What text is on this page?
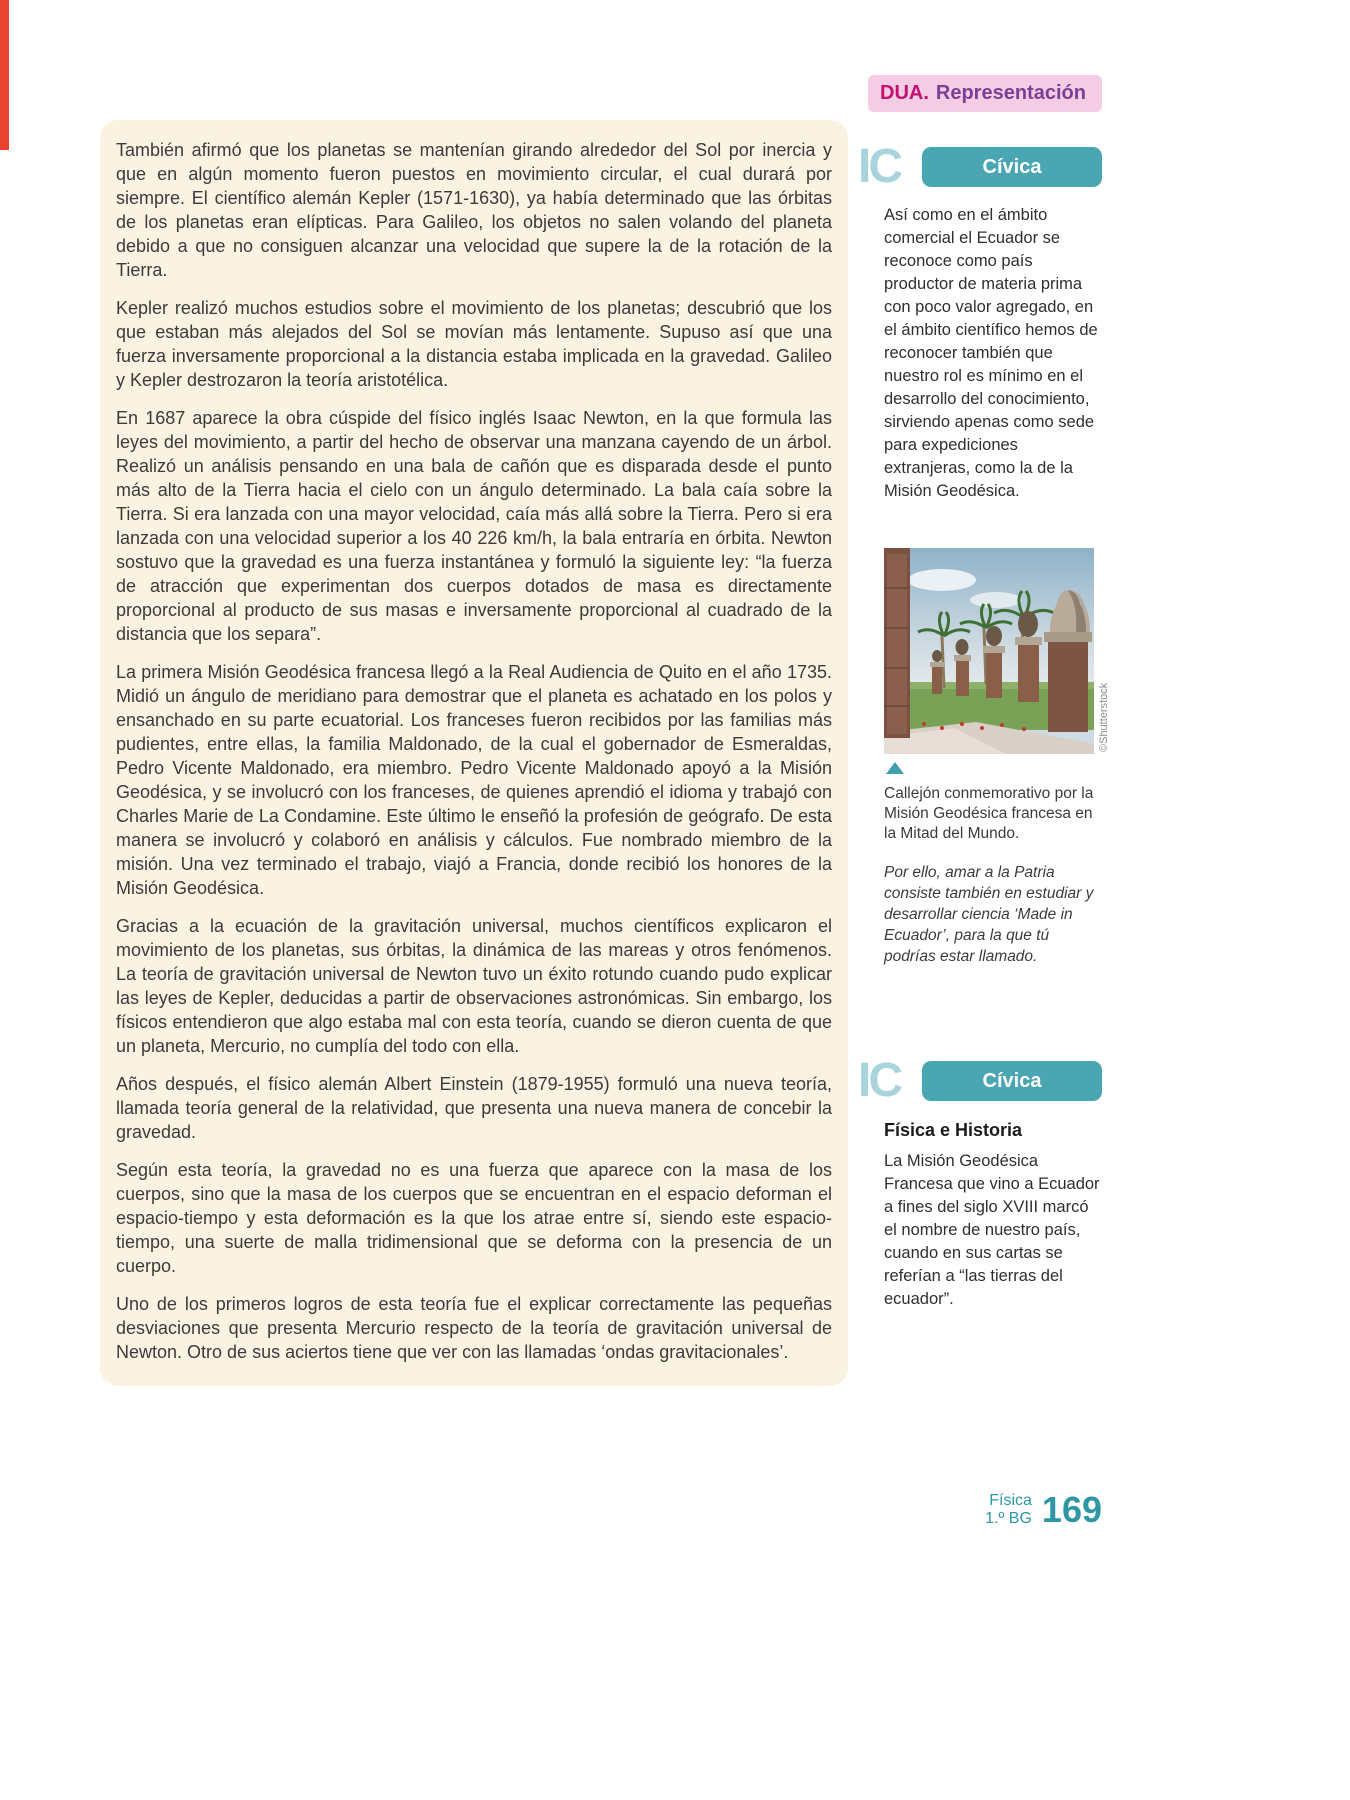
DUA. Representación

También afirmó que los planetas se mantenían girando alrededor del Sol por inercia y que en algún momento fueron puestos en movimiento circular, el cual durará por siempre. El científico alemán Kepler (1571-1630), ya había determinado que las órbitas de los planetas eran elípticas. Para Galileo, los objetos no salen volando del planeta debido a que no consiguen alcanzar una velocidad que supere la de la rotación de la Tierra.

Kepler realizó muchos estudios sobre el movimiento de los planetas; descubrió que los que estaban más alejados del Sol se movían más lentamente. Supuso así que una fuerza inversamente proporcional a la distancia estaba implicada en la gravedad. Galileo y Kepler destrozaron la teoría aristotélica.

En 1687 aparece la obra cúspide del físico inglés Isaac Newton, en la que formula las leyes del movimiento, a partir del hecho de observar una manzana cayendo de un árbol. Realizó un análisis pensando en una bala de cañón que es disparada desde el punto más alto de la Tierra hacia el cielo con un ángulo determinado. La bala caía sobre la Tierra. Si era lanzada con una mayor velocidad, caía más allá sobre la Tierra. Pero si era lanzada con una velocidad superior a los 40 226 km/h, la bala entraría en órbita. Newton sostuvo que la gravedad es una fuerza instantánea y formuló la siguiente ley: “la fuerza de atracción que experimentan dos cuerpos dotados de masa es directamente proporcional al producto de sus masas e inversamente proporcional al cuadrado de la distancia que los separa”.

La primera Misión Geodésica francesa llegó a la Real Audiencia de Quito en el año 1735. Midió un ángulo de meridiano para demostrar que el planeta es achatado en los polos y ensanchado en su parte ecuatorial. Los franceses fueron recibidos por las familias más pudientes, entre ellas, la familia Maldonado, de la cual el gobernador de Esmeraldas, Pedro Vicente Maldonado, era miembro. Pedro Vicente Maldonado apoyó a la Misión Geodésica, y se involucró con los franceses, de quienes aprendió el idioma y trabajó con Charles Marie de La Condamine. Este último le enseñó la profesión de geógrafo. De esta manera se involucró y colaboró en análisis y cálculos. Fue nombrado miembro de la misión. Una vez terminado el trabajo, viajó a Francia, donde recibió los honores de la Misión Geodésica.

Gracias a la ecuación de la gravitación universal, muchos científicos explicaron el movimiento de los planetas, sus órbitas, la dinámica de las mareas y otros fenómenos. La teoría de gravitación universal de Newton tuvo un éxito rotundo cuando pudo explicar las leyes de Kepler, deducidas a partir de observaciones astronómicas. Sin embargo, los físicos entendieron que algo estaba mal con esta teoría, cuando se dieron cuenta de que un planeta, Mercurio, no cumplía del todo con ella.

Años después, el físico alemán Albert Einstein (1879-1955) formuló una nueva teoría, llamada teoría general de la relatividad, que presenta una nueva manera de concebir la gravedad.

Según esta teoría, la gravedad no es una fuerza que aparece con la masa de los cuerpos, sino que la masa de los cuerpos que se encuentran en el espacio deforman el espacio-tiempo y esta deformación es la que los atrae entre sí, siendo este espacio-tiempo, una suerte de malla tridimensional que se deforma con la presencia de un cuerpo.

Uno de los primeros logros de esta teoría fue el explicar correctamente las pequeñas desviaciones que presenta Mercurio respecto de la teoría de gravitación universal de Newton. Otro de sus aciertos tiene que ver con las llamadas ‘ondas gravitacionales’.

IC	Cívica
Así como en el ámbito comercial el Ecuador se reconoce como país productor de materia prima con poco valor agregado, en el ámbito científico hemos de reconocer también que nuestro rol es mínimo en el desarrollo del conocimiento, sirviendo apenas como sede para expediciones extranjeras, como la de la Misión Geodésica.
©Shutterstock

Callejón conmemorativo por la Misión Geodésica francesa en la Mitad del Mundo.

Por ello, amar a la Patria consiste también en estudiar y desarrollar ciencia ‘Made in Ecuador’, para la que tú podrías estar llamado.

IC	Cívica
Física e Historia
La Misión Geodésica Francesa que vino a Ecuador a fines del siglo XVIII marcó el nombre de nuestro país, cuando en sus cartas se referían a “las tierras del ecuador”.
Física
1.º BG 169
